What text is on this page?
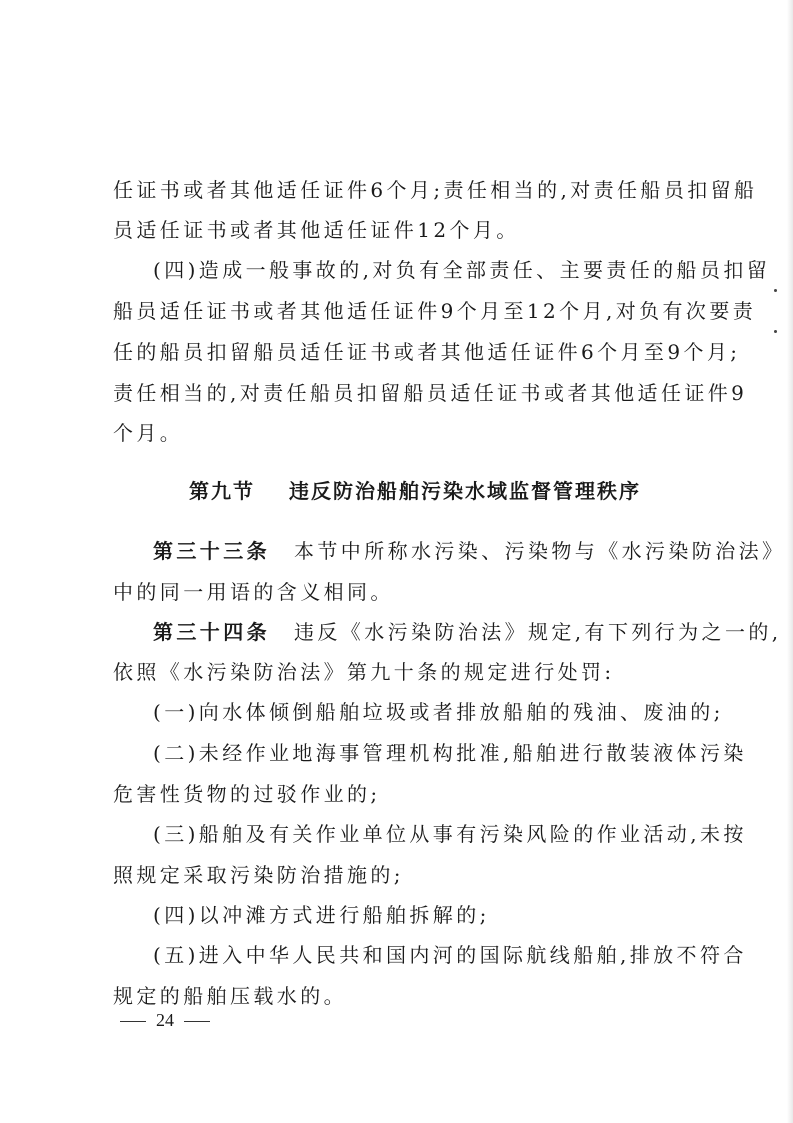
任证书或者其他适任证件6个月;责任相当的,对责任船员扣留船
员适任证书或者其他适任证件12个月。
(四)造成一般事故的,对负有全部责任、主要责任的船员扣留
船员适任证书或者其他适任证件9个月至12个月,对负有次要责
任的船员扣留船员适任证书或者其他适任证件6个月至9个月;
责任相当的,对责任船员扣留船员适任证书或者其他适任证件9
个月。
第九节 违反防治船舶污染水域监督管理秩序
第三十三条 本节中所称水污染、污染物与《水污染防治法》
中的同一用语的含义相同。
第三十四条 违反《水污染防治法》规定,有下列行为之一的,
依照《水污染防治法》第九十条的规定进行处罚:
(一)向水体倾倒船舶垃圾或者排放船舶的残油、废油的;
(二)未经作业地海事管理机构批准,船舶进行散装液体污染
危害性货物的过驳作业的;
(三)船舶及有关作业单位从事有污染风险的作业活动,未按
照规定采取污染防治措施的;
(四)以冲滩方式进行船舶拆解的;
(五)进入中华人民共和国内河的国际航线船舶,排放不符合
规定的船舶压载水的。
24
